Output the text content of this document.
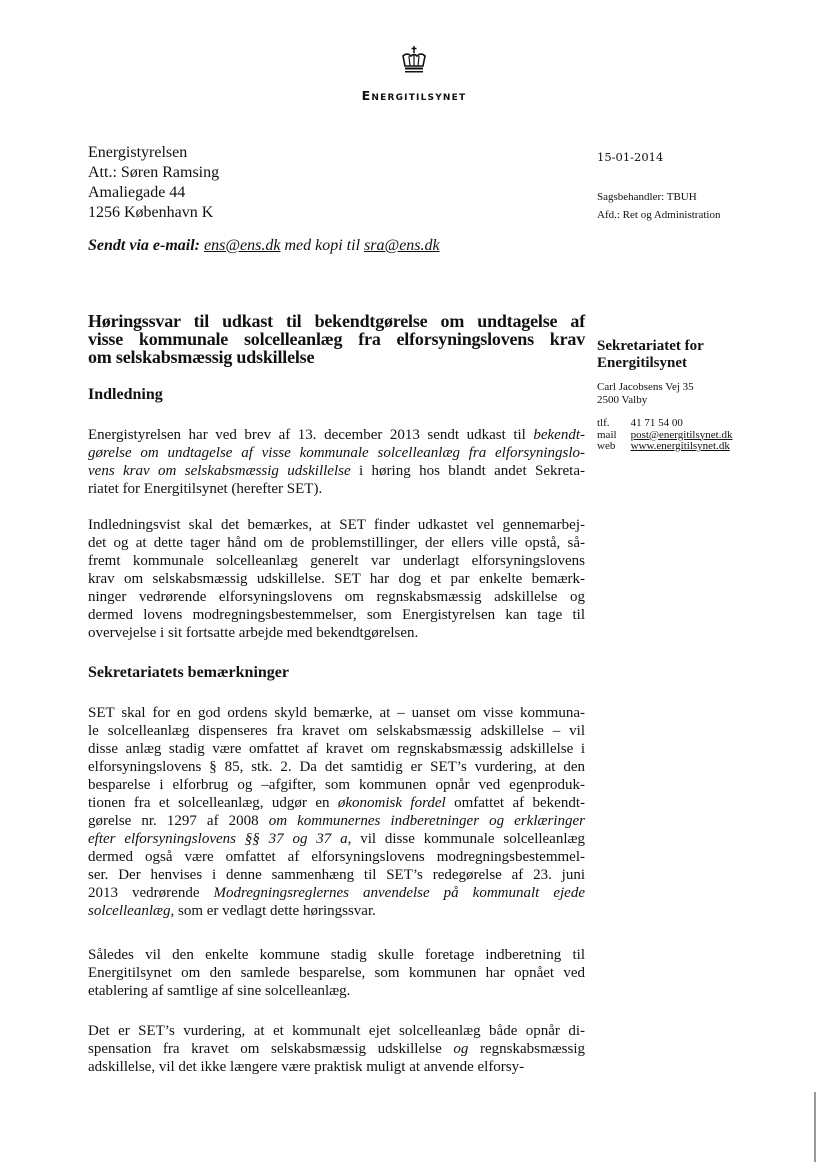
Energitilsynet
Energistyrelsen
Att.: Søren Ramsing
Amaliegade 44
1256 København K
Sendt via e-mail: ens@ens.dk med kopi til sra@ens.dk
15-01-2014
Sagsbehandler: TBUH
Afd.: Ret og Administration
Høringssvar til udkast til bekendtgørelse om undtagelse af
visse kommunale solcelleanlæg fra elforsyningslovens krav
om selskabsmæssig udskillelse
Indledning
Sekretariatets bemærkninger
Energistyrelsen har ved brev af 13. december 2013 sendt udkast til bekendt-
gørelse om undtagelse af visse kommunale solcelleanlæg fra elforsyningslo-
vens krav om selskabsmæssig udskillelse i høring hos blandt andet Sekreta-
riatet for Energitilsynet (herefter SET).
Indledningsvist skal det bemærkes, at SET finder udkastet vel gennemarbej-
det og at dette tager hånd om de problemstillinger, der ellers ville opstå, så-
fremt kommunale solcelleanlæg generelt var underlagt elforsyningslovens
krav om selskabsmæssig udskillelse. SET har dog et par enkelte bemærk-
ninger vedrørende elforsyningslovens om regnskabsmæssig adskillelse og
dermed lovens modregningsbestemmelser, som Energistyrelsen kan tage til
overvejelse i sit fortsatte arbejde med bekendtgørelsen.
SET skal for en god ordens skyld bemærke, at – uanset om visse kommuna-
le solcelleanlæg dispenseres fra kravet om selskabsmæssig adskillelse – vil
disse anlæg stadig være omfattet af kravet om regnskabsmæssig adskillelse i
elforsyningslovens § 85, stk. 2. Da det samtidig er SET’s vurdering, at den
besparelse i elforbrug og –afgifter, som kommunen opnår ved egenproduk-
tionen fra et solcelleanlæg, udgør en økonomisk fordel omfattet af bekendt-
gørelse nr. 1297 af 2008 om kommunernes indberetninger og erklæringer
efter elforsyningslovens §§ 37 og 37 a, vil disse kommunale solcelleanlæg
dermed også være omfattet af elforsyningslovens modregningsbestemmel-
ser. Der henvises i denne sammenhæng til SET’s redegørelse af 23. juni
2013 vedrørende Modregningsreglernes anvendelse på kommunalt ejede
solcelleanlæg, som er vedlagt dette høringssvar.
Således vil den enkelte kommune stadig skulle foretage indberetning til
Energitilsynet om den samlede besparelse, som kommunen har opnået ved
etablering af samtlige af sine solcelleanlæg.
Det er SET’s vurdering, at et kommunalt ejet solcelleanlæg både opnår di-
spensation fra kravet om selskabsmæssig udskillelse og regnskabsmæssig
adskillelse, vil det ikke længere være praktisk muligt at anvende elforsy-
Sekretariatet for
Energitilsynet
Carl Jacobsens Vej 35
2500 Valby
tlf.	41 71 54 00
mail	post@energitilsynet.dk
web	www.energitilsynet.dk
